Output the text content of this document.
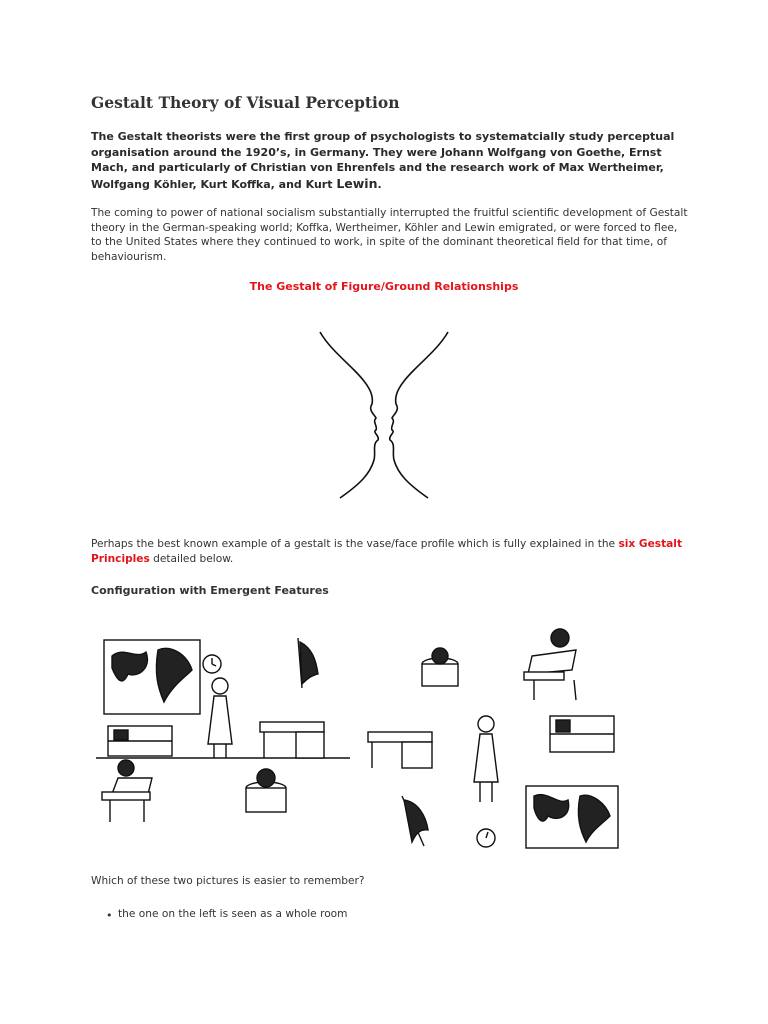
Gestalt Theory of Visual Perception
The Gestalt theorists were the first group of psychologists to systematcially study perceptual organisation around the 1920’s, in Germany. They were Johann Wolfgang von Goethe, Ernst Mach, and particularly of Christian von Ehrenfels and the research work of Max Wertheimer, Wolfgang Köhler, Kurt Koffka, and Kurt Lewin.
The coming to power of national socialism substantially interrupted the fruitful scientific development of Gestalt theory in the German-speaking world; Koffka, Wertheimer, Köhler and Lewin emigrated, or were forced to flee, to the United States where they continued to work, in spite of the dominant theoretical field for that time, of behaviourism.
The Gestalt of Figure/Ground Relationships
Perhaps the best known example of a gestalt is the vase/face profile which is fully explained in the six Gestalt Principles detailed below.
Configuration with Emergent Features
Which of these two pictures is easier to remember?
• the one on the left is seen as a whole room
